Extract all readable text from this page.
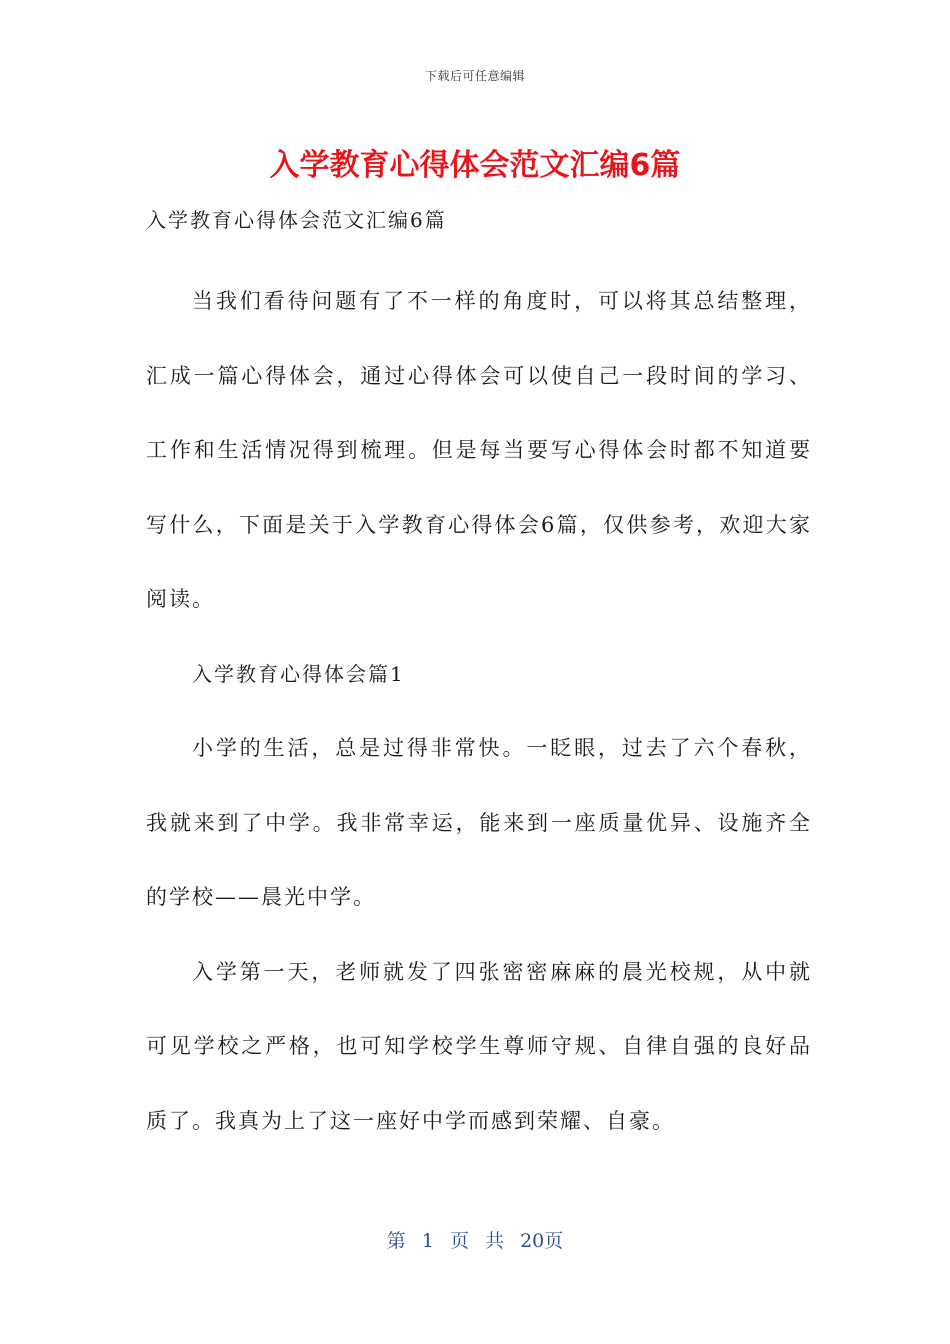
下载后可任意编辑
入学教育心得体会范文汇编6篇

入学教育心得体会范文汇编6篇

当我们看待问题有了不一样的角度时，可以将其总结整理，汇成一篇心得体会，通过心得体会可以使自己一段时间的学习、工作和生活情况得到梳理。但是每当要写心得体会时都不知道要写什么，下面是关于入学教育心得体会6篇，仅供参考，欢迎大家阅读。

入学教育心得体会篇1

小学的生活，总是过得非常快。一眨眼，过去了六个春秋，我就来到了中学。我非常幸运，能来到一座质量优异、设施齐全的学校——晨光中学。

入学第一天，老师就发了四张密密麻麻的晨光校规，从中就可见学校之严格，也可知学校学生尊师守规、自律自强的良好品质了。我真为上了这一座好中学而感到荣耀、自豪。

第 1 页 共 20页
